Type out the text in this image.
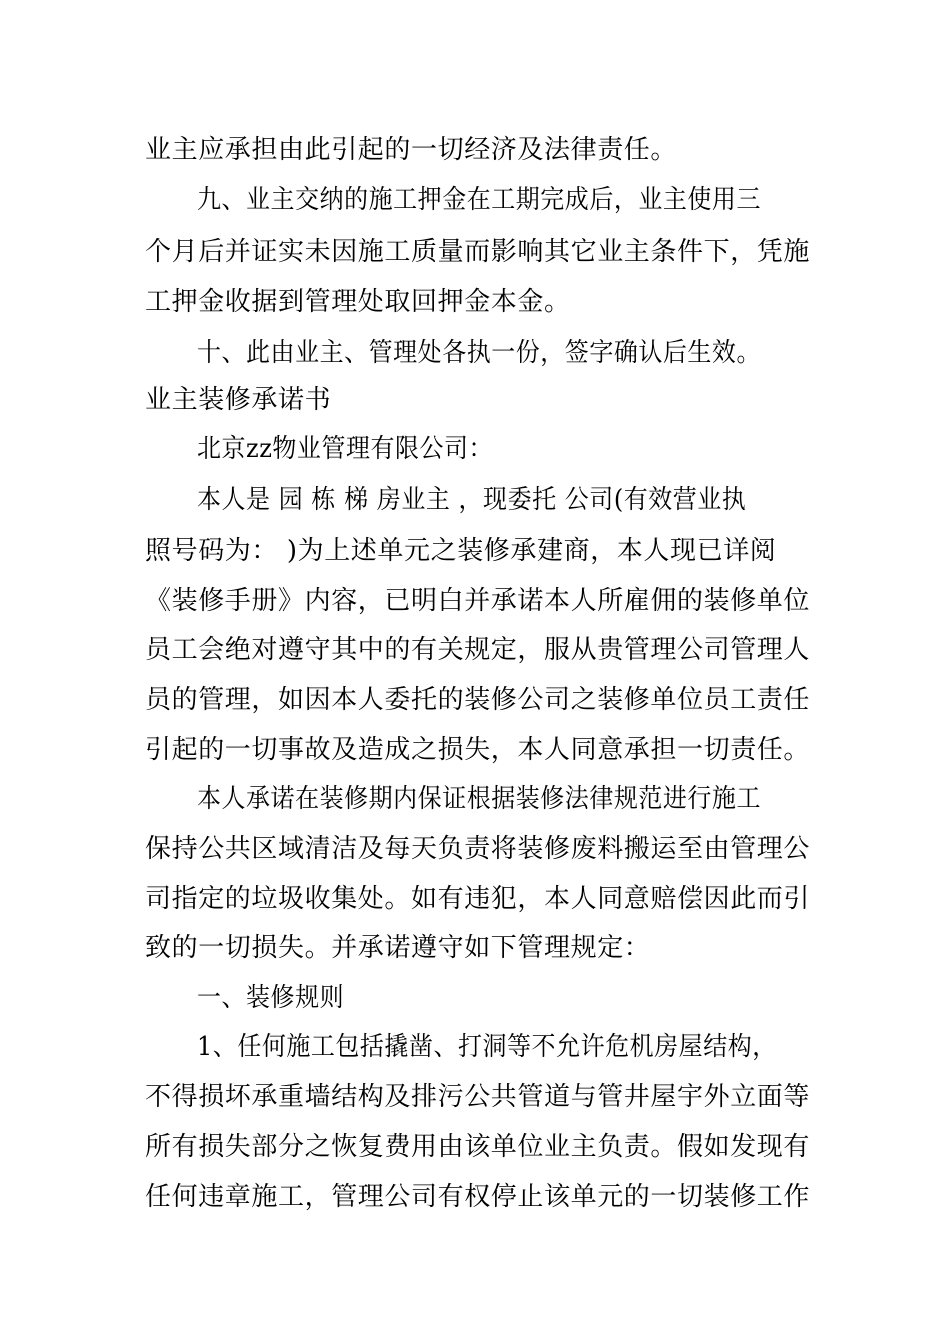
业主应承担由此引起的一切经济及法律责任。
九、业主交纳的施工押金在工期完成后，业主使用三
个月后并证实未因施工质量而影响其它业主条件下，凭施
工押金收据到管理处取回押金本金。
十、此由业主、管理处各执一份，签字确认后生效。
业主装修承诺书
北京zz物业管理有限公司：
本人是 园 栋 梯 房业主 ，现委托 公司(有效营业执
照号码为： )为上述单元之装修承建商，本人现已详阅
《装修手册》内容，已明白并承诺本人所雇佣的装修单位
员工会绝对遵守其中的有关规定，服从贵管理公司管理人
员的管理，如因本人委托的装修公司之装修单位员工责任
引起的一切事故及造成之损失，本人同意承担一切责任。
本人承诺在装修期内保证根据装修法律规范进行施工
保持公共区域清洁及每天负责将装修废料搬运至由管理公
司指定的垃圾收集处。如有违犯，本人同意赔偿因此而引
致的一切损失。并承诺遵守如下管理规定：
一、装修规则
1、任何施工包括撬凿、打洞等不允许危机房屋结构，
不得损坏承重墙结构及排污公共管道与管井屋宇外立面等
所有损失部分之恢复费用由该单位业主负责。假如发现有
任何违章施工，管理公司有权停止该单元的一切装修工作
